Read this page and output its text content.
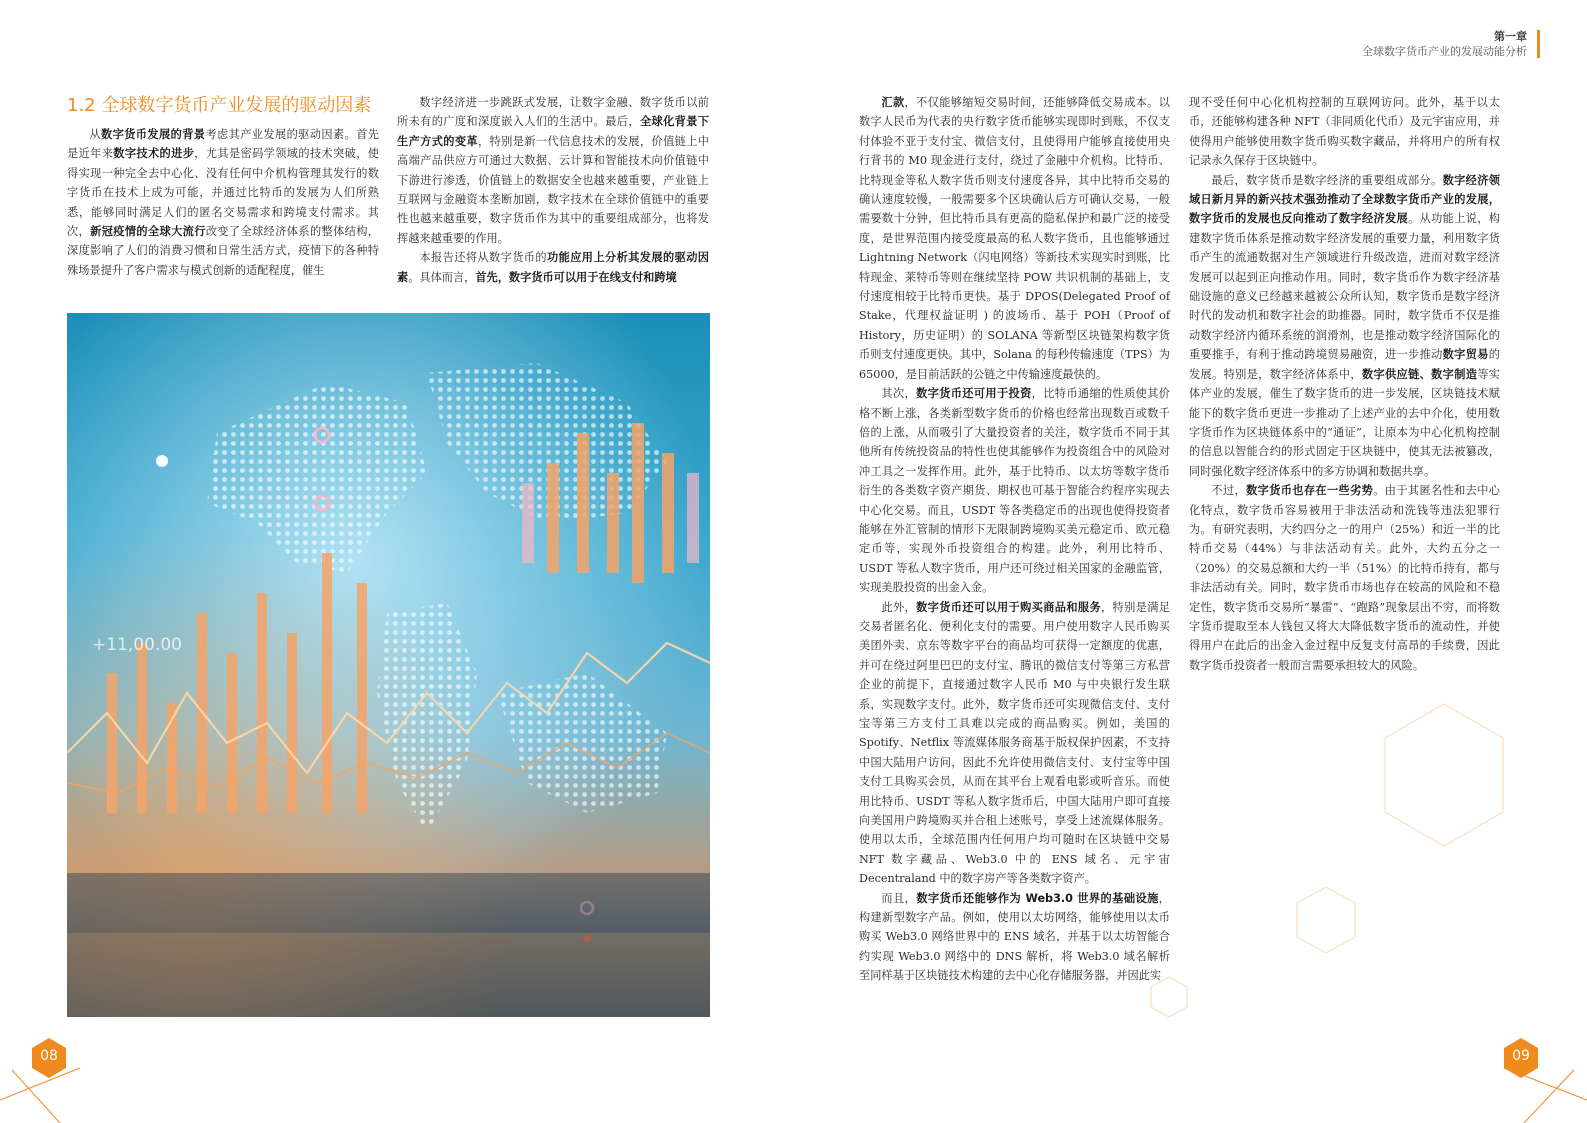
1.2 全球数字货币产业发展的驱动因素

从数字货币发展的背景考虑其产业发展的驱动因素。首先是近年来数字技术的进步，尤其是密码学领域的技术突破，使得实现一种完全去中心化、没有任何中介机构管理其发行的数字货币在技术上成为可能，并通过比特币的发展为人们所熟悉，能够同时满足人们的匿名交易需求和跨境支付需求。其次，新冠疫情的全球大流行改变了全球经济体系的整体结构，深度影响了人们的消费习惯和日常生活方式，疫情下的各种特殊场景提升了客户需求与模式创新的适配程度，催生

数字经济进一步跳跃式发展，让数字金融、数字货币以前所未有的广度和深度嵌入人们的生活中。最后，全球化背景下生产方式的变革，特别是新一代信息技术的发展，价值链上中高端产品供应方可通过大数据、云计算和智能技术向价值链中下游进行渗透，价值链上的数据安全也越来越重要，产业链上互联网与金融资本垄断加剧，数字技术在全球价值链中的重要性也越来越重要，数字货币作为其中的重要组成部分，也将发挥越来越重要的作用。

本报告还将从数字货币的功能应用上分析其发展的驱动因素。具体而言，首先，数字货币可以用于在线支付和跨境

+11,00.00
08
第一章
全球数字货币产业的发展动能分析

汇款，不仅能够缩短交易时间，还能够降低交易成本。以数字人民币为代表的央行数字货币能够实现即时到账，不仅支付体验不亚于支付宝、微信支付，且使得用户能够直接使用央行背书的 M0 现金进行支付，绕过了金融中介机构。比特币、比特现金等私人数字货币则支付速度各异，其中比特币交易的确认速度较慢，一般需要多个区块确认后方可确认交易，一般需要数十分钟，但比特币具有更高的隐私保护和最广泛的接受度，是世界范围内接受度最高的私人数字货币，且也能够通过 Lightning Network（闪电网络）等新技术实现实时到账，比特现金、莱特币等则在继续坚持 POW 共识机制的基础上，支付速度相较于比特币更快。基于 DPOS(Delegated Proof of Stake，代理权益证明 ) 的波场币、基于 POH（Proof of History，历史证明）的 SOLANA 等新型区块链架构数字货币则支付速度更快。其中，Solana 的每秒传输速度（TPS）为 65000，是目前活跃的公链之中传输速度最快的。

其次，数字货币还可用于投资，比特币通缩的性质使其价格不断上涨，各类新型数字货币的价格也经常出现数百或数千倍的上涨，从而吸引了大量投资者的关注，数字货币不同于其他所有传统投资品的特性也使其能够作为投资组合中的风险对冲工具之一发挥作用。此外，基于比特币、以太坊等数字货币衍生的各类数字资产期货、期权也可基于智能合约程序实现去中心化交易。而且，USDT 等各类稳定币的出现也使得投资者能够在外汇管制的情形下无限制跨境购买美元稳定币、欧元稳定币等，实现外币投资组合的构建。此外，利用比特币、USDT 等私人数字货币，用户还可绕过相关国家的金融监管，实现美股投资的出金入金。

此外，数字货币还可以用于购买商品和服务，特别是满足交易者匿名化、便利化支付的需要。用户使用数字人民币购买美团外卖、京东等数字平台的商品均可获得一定额度的优惠，并可在绕过阿里巴巴的支付宝、腾讯的微信支付等第三方私营企业的前提下，直接通过数字人民币 M0 与中央银行发生联系，实现数字支付。此外，数字货币还可实现微信支付、支付宝等第三方支付工具难以完成的商品购买。例如，美国的 Spotify、Netflix 等流媒体服务商基于版权保护因素，不支持中国大陆用户访问，因此不允许使用微信支付、支付宝等中国支付工具购买会员，从而在其平台上观看电影或听音乐。而使用比特币、USDT 等私人数字货币后，中国大陆用户即可直接向美国用户跨境购买并合租上述账号，享受上述流媒体服务。使用以太币，全球范围内任何用户均可随时在区块链中交易 NFT 数字藏品、Web3.0 中的 ENS 域名、元宇宙 Decentraland 中的数字房产等各类数字资产。

而且，数字货币还能够作为 Web3.0 世界的基础设施，构建新型数字产品。例如，使用以太坊网络，能够使用以太币购买 Web3.0 网络世界中的 ENS 域名，并基于以太坊智能合约实现 Web3.0 网络中的 DNS 解析，将 Web3.0 域名解析至同样基于区块链技术构建的去中心化存储服务器，并因此实

现不受任何中心化机构控制的互联网访问。此外，基于以太币，还能够构建各种 NFT（非同质化代币）及元宇宙应用，并使得用户能够使用数字货币购买数字藏品，并将用户的所有权记录永久保存于区块链中。

最后，数字货币是数字经济的重要组成部分。数字经济领域日新月异的新兴技术强劲推动了全球数字货币产业的发展，数字货币的发展也反向推动了数字经济发展。从功能上说，构建数字货币体系是推动数字经济发展的重要力量，利用数字货币产生的流通数据对生产领域进行升级改造，进而对数字经济发展可以起到正向推动作用。同时，数字货币作为数字经济基础设施的意义已经越来越被公众所认知，数字货币是数字经济时代的发动机和数字社会的助推器。同时，数字货币不仅是推动数字经济内循环系统的润滑剂，也是推动数字经济国际化的重要推手，有利于推动跨境贸易融资，进一步推动数字贸易的发展。特别是，数字经济体系中，数字供应链、数字制造等实体产业的发展，催生了数字货币的进一步发展，区块链技术赋能下的数字货币更进一步推动了上述产业的去中介化，使用数字货币作为区块链体系中的“通证”，让原本为中心化机构控制的信息以智能合约的形式固定于区块链中，使其无法被篡改，同时强化数字经济体系中的多方协调和数据共享。

不过，数字货币也存在一些劣势。由于其匿名性和去中心化特点，数字货币容易被用于非法活动和洗钱等违法犯罪行为。有研究表明，大约四分之一的用户（25%）和近一半的比特币交易（44%）与非法活动有关。此外，大约五分之一（20%）的交易总额和大约一半（51%）的比特币持有，都与非法活动有关。同时，数字货币市场也存在较高的风险和不稳定性，数字货币交易所“暴雷”、“跑路”现象层出不穷，而将数字货币提取至本人钱包又将大大降低数字货币的流动性，并使得用户在此后的出金入金过程中反复支付高昂的手续费，因此数字货币投资者一般而言需要承担较大的风险。

09
